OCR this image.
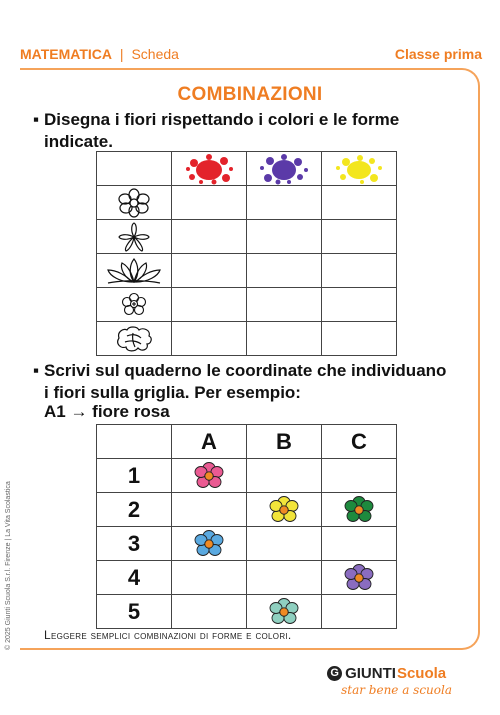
MATEMATICA | Scheda	Classe prima
COMBINAZIONI
▪ Disegna i fiori rispettando i colori e le forme indicate.

▪ Scrivi sul quaderno le coordinate che individuano i fiori sulla griglia. Per esempio:
A1 → fiore rosa
	A	B	C
1	

2	

3	

4	

5	

Leggere semplici combinazioni di forme e colori.
© 2025 Giunti Scuola S.r.l. Firenze | La Vita Scolastica
G GIUNTI Scuola
star bene a scuola
